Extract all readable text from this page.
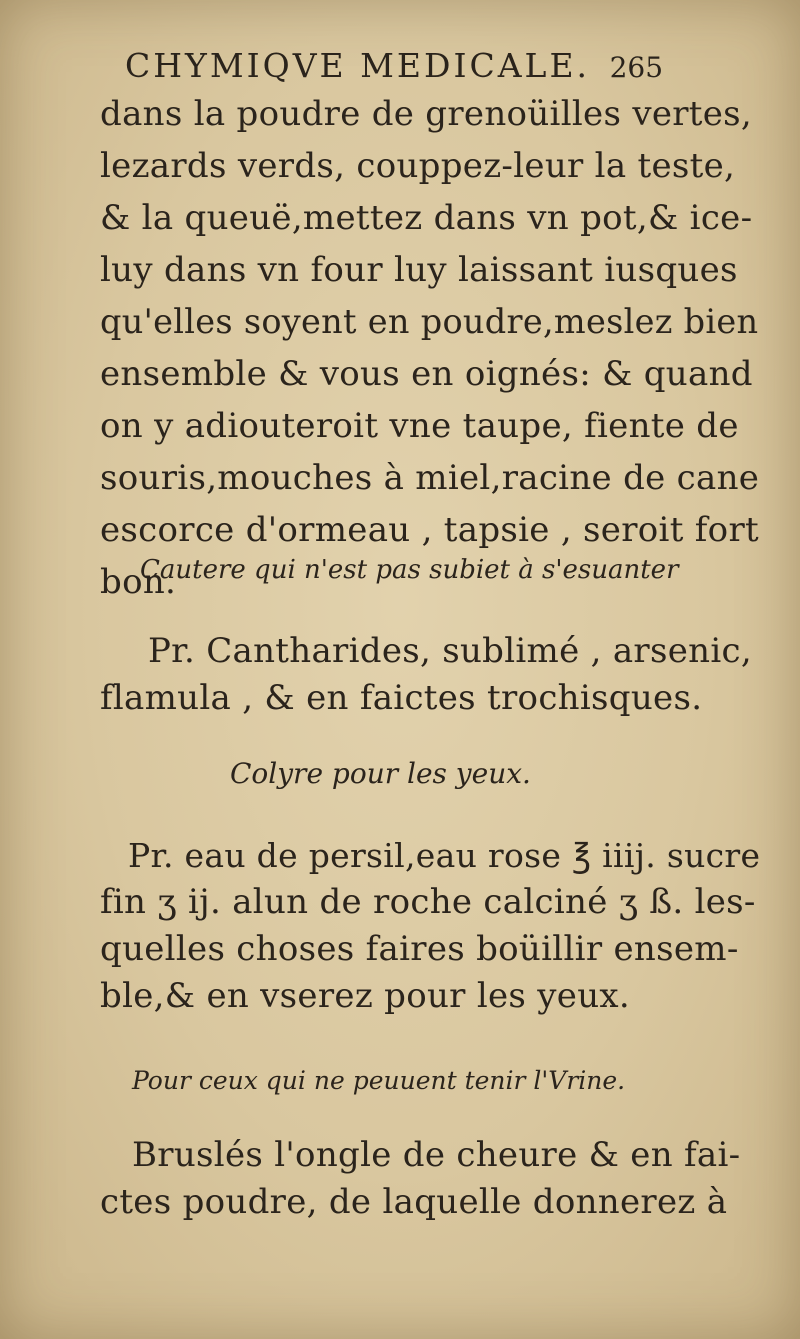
CHYMIQVE MEDICALE. 265
dans la poudre de grenoüilles vertes,
lezards verds, couppez-leur la teste,
& la queuë,mettez dans vn pot,& ice-
luy dans vn four luy laissant iusques
qu'elles soyent en poudre,meslez bien
ensemble & vous en oignés: & quand
on y adiouteroit vne taupe, fiente de
souris,mouches à miel,racine de cane
escorce d'ormeau , tapsie , seroit fort
bon.
Cautere qui n'est pas subiet à s'esuanter
Pr. Cantharides, sublimé , arsenic,
flamula , & en faictes trochisques.
Colyre pour les yeux.
Pr. eau de persil,eau rose ℥ iiij. sucre
fin ʒ ij. alun de roche calciné ʒ ß. les-
quelles choses faires boüillir ensem-
ble,& en vserez pour les yeux.
Pour ceux qui ne peuuent tenir l'Vrine.
Bruslés l'ongle de cheure & en fai-
ctes poudre, de laquelle donnerez à
